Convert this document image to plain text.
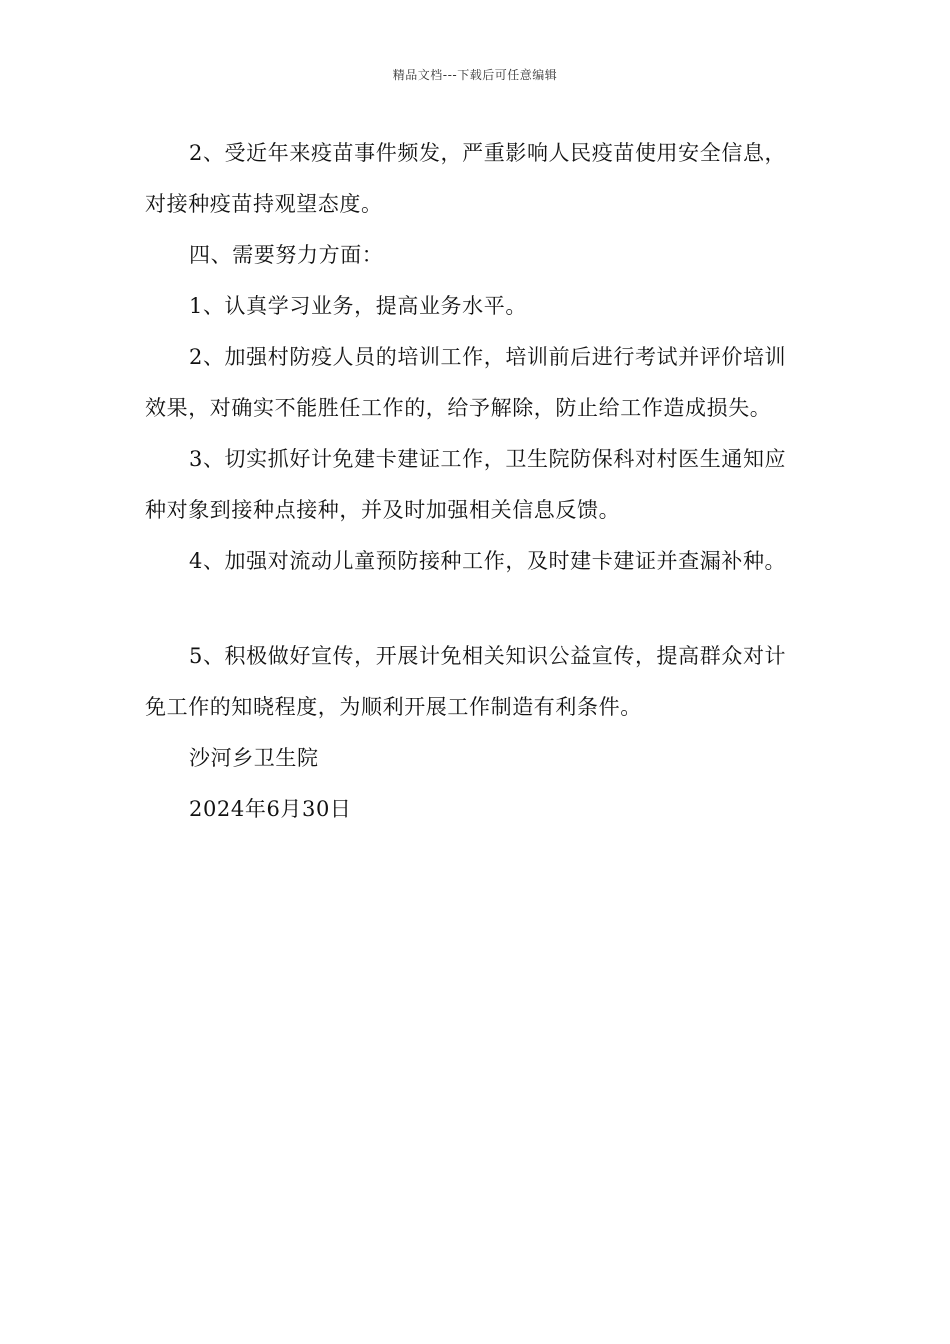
精品文档---下载后可任意编辑

2、受近年来疫苗事件频发，严重影响人民疫苗使用安全信息，对接种疫苗持观望态度。

四、需要努力方面：

1、认真学习业务，提高业务水平。

2、加强村防疫人员的培训工作，培训前后进行考试并评价培训效果，对确实不能胜任工作的，给予解除，防止给工作造成损失。

3、切实抓好计免建卡建证工作，卫生院防保科对村医生通知应种对象到接种点接种，并及时加强相关信息反馈。

4、加强对流动儿童预防接种工作，及时建卡建证并查漏补种。

5、积极做好宣传，开展计免相关知识公益宣传，提高群众对计免工作的知晓程度，为顺利开展工作制造有利条件。

沙河乡卫生院

2024年6月30日
